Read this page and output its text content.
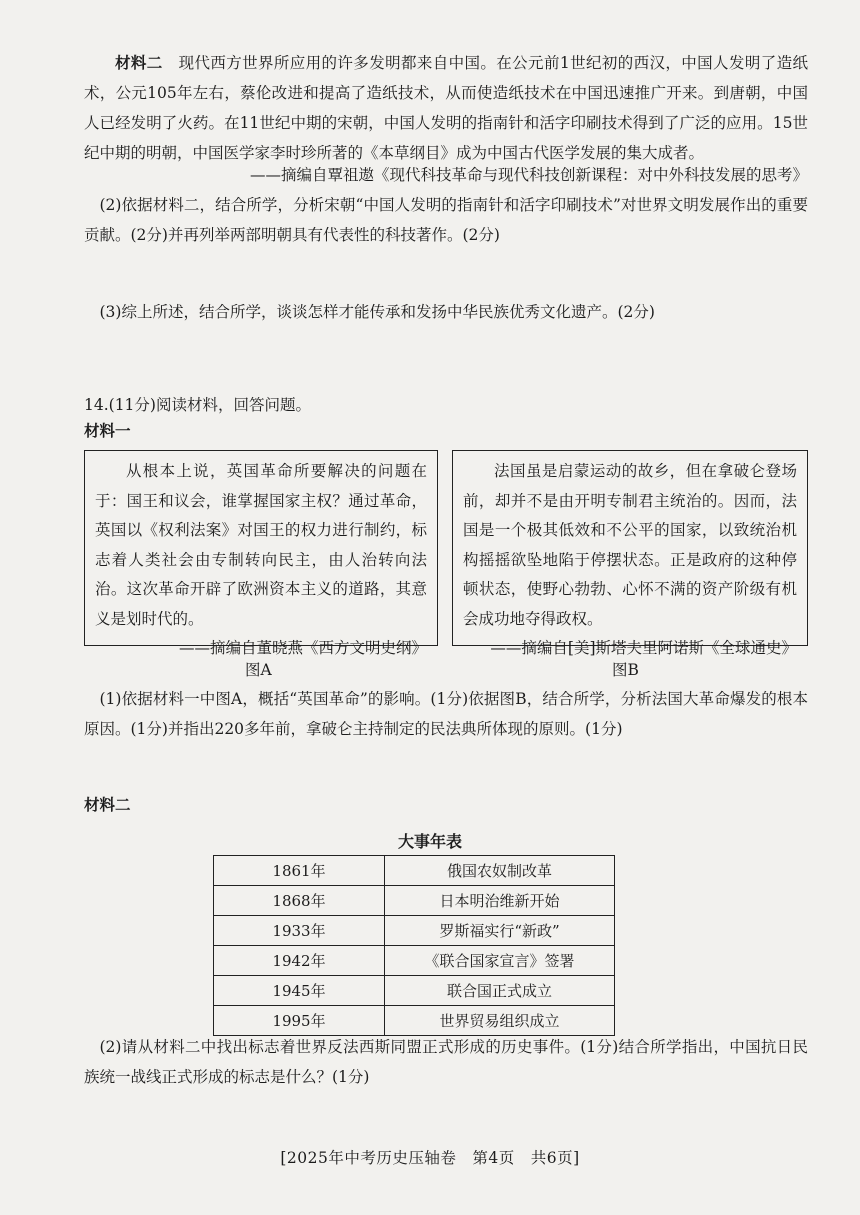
材料二　 现代西方世界所应用的许多发明都来自中国。在公元前1世纪初的西汉，中国人发明了造纸术，公元105年左右，蔡伦改进和提高了造纸技术，从而使造纸技术在中国迅速推广开来。到唐朝，中国人已经发明了火药。在11世纪中期的宋朝，中国人发明的指南针和活字印刷技术得到了广泛的应用。15世纪中期的明朝，中国医学家李时珍所著的《本草纲目》成为中国古代医学发展的集大成者。
——摘编自覃祖遨《现代科技革命与现代科技创新课程：对中外科技发展的思考》
(2)依据材料二，结合所学，分析宋朝“中国人发明的指南针和活字印刷技术”对世界文明发展作出的重要贡献。(2分)并再列举两部明朝具有代表性的科技著作。(2分)
(3)综上所述，结合所学，谈谈怎样才能传承和发扬中华民族优秀文化遗产。(2分)
14.(11分)阅读材料，回答问题。
材料一
从根本上说，英国革命所要解决的问题在于：国王和议会，谁掌握国家主权？通过革命，英国以《权利法案》对国王的权力进行制约，标志着人类社会由专制转向民主，由人治转向法治。这次革命开辟了欧洲资本主义的道路，其意义是划时代的。
——摘编自董晓燕《西方文明史纲》
法国虽是启蒙运动的故乡，但在拿破仑登场前，却并不是由开明专制君主统治的。因而，法国是一个极其低效和不公平的国家，以致统治机构摇摇欲坠地陷于停摆状态。正是政府的这种停顿状态，使野心勃勃、心怀不满的资产阶级有机会成功地夺得政权。
——摘编自[美]斯塔夫里阿诺斯《全球通史》
图A	图B
(1)依据材料一中图A，概括“英国革命”的影响。(1分)依据图B，结合所学，分析法国大革命爆发的根本原因。(1分)并指出220多年前，拿破仑主持制定的民法典所体现的原则。(1分)
材料二
大事年表
1861年	俄国农奴制改革
1868年	日本明治维新开始
1933年	罗斯福实行“新政”
1942年	《联合国家宣言》签署
1945年	联合国正式成立
1995年	世界贸易组织成立
(2)请从材料二中找出标志着世界反法西斯同盟正式形成的历史事件。(1分)结合所学指出，中国抗日民族统一战线正式形成的标志是什么？(1分)
[2025年中考历史压轴卷　第4页　共6页]
